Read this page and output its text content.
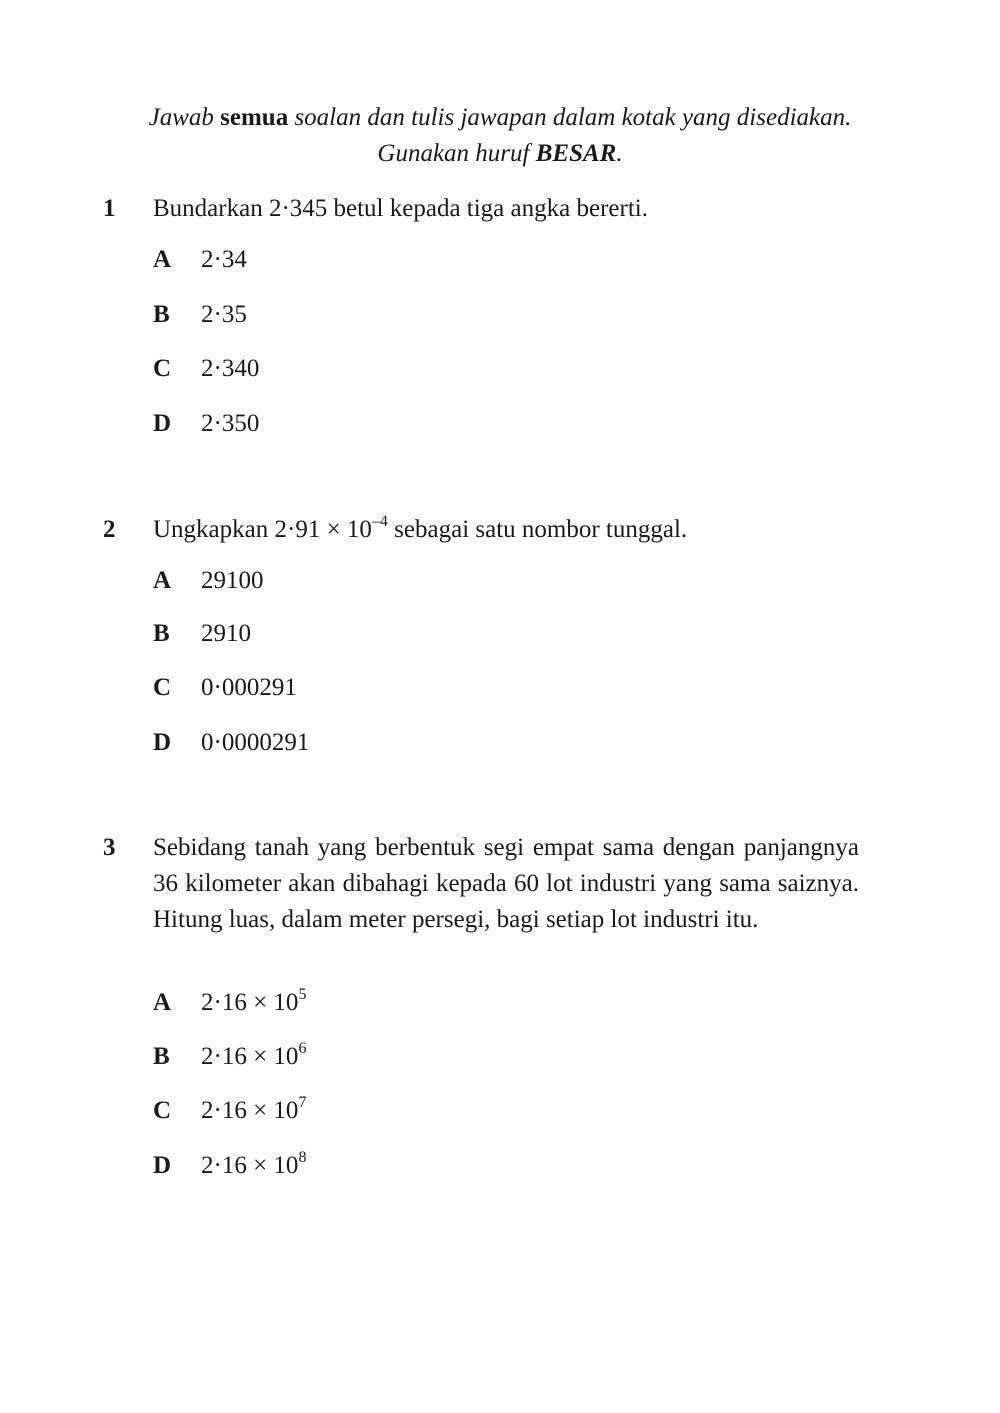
Jawab semua soalan dan tulis jawapan dalam kotak yang disediakan.
Gunakan huruf BESAR.
1 Bundarkan 2·345 betul kepada tiga angka bererti.
A 2·34
B 2·35
C 2·340
D 2·350
2 Ungkapkan $2\cdot 91 \times 10^{-4}$ sebagai satu nombor tunggal.
A 29100
B 2910
C 0·000291
D 0·0000291
3 Sebidang tanah yang berbentuk segi empat sama dengan panjangnya 36 kilometer akan dibahagi kepada 60 lot industri yang sama saiznya. Hitung luas, dalam meter persegi, bagi setiap lot industri itu.
A $2\cdot 16 \times 10^5$
B $2\cdot 16 \times 10^6$
C $2\cdot 16 \times 10^7$
D $2\cdot 16 \times 10^8$
